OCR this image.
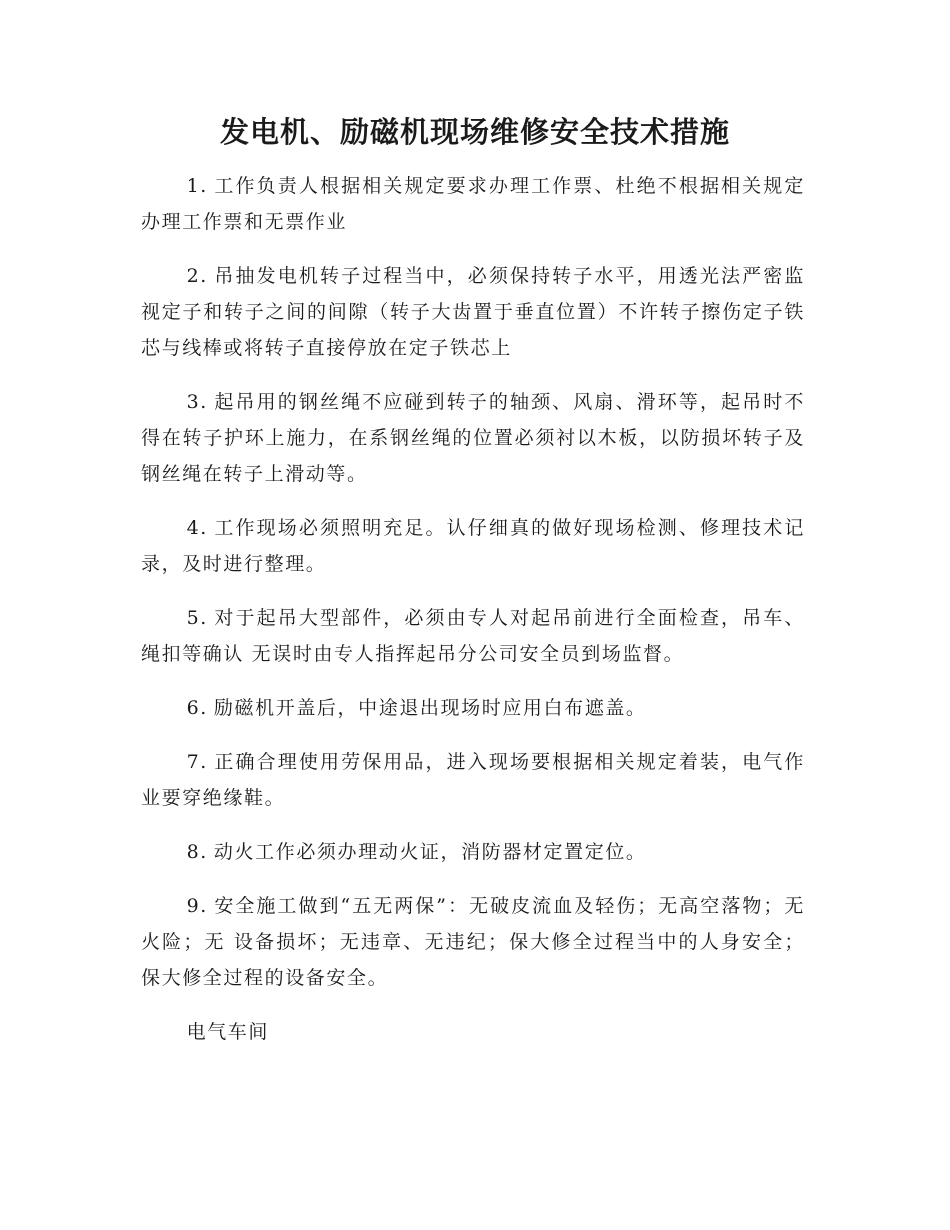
发电机、励磁机现场维修安全技术措施

1. 工作负责人根据相关规定要求办理工作票、杜绝不根据相关规定办理工作票和无票作业

2. 吊抽发电机转子过程当中，必须保持转子水平，用透光法严密监视定子和转子之间的间隙（转子大齿置于垂直位置）不许转子擦伤定子铁芯与线棒或将转子直接停放在定子铁芯上

3. 起吊用的钢丝绳不应碰到转子的轴颈、风扇、滑环等，起吊时不得在转子护环上施力，在系钢丝绳的位置必须衬以木板，以防损坏转子及钢丝绳在转子上滑动等。

4. 工作现场必须照明充足。认仔细真的做好现场检测、修理技术记录，及时进行整理。

5. 对于起吊大型部件，必须由专人对起吊前进行全面检查，吊车、绳扣等确认 无误时由专人指挥起吊分公司安全员到场监督。

6. 励磁机开盖后，中途退出现场时应用白布遮盖。

7. 正确合理使用劳保用品，进入现场要根据相关规定着装，电气作业要穿绝缘鞋。

8. 动火工作必须办理动火证，消防器材定置定位。

9. 安全施工做到“五无两保”：无破皮流血及轻伤；无高空落物；无火险；无 设备损坏；无违章、无违纪；保大修全过程当中的人身安全；保大修全过程的设备安全。

电气车间
